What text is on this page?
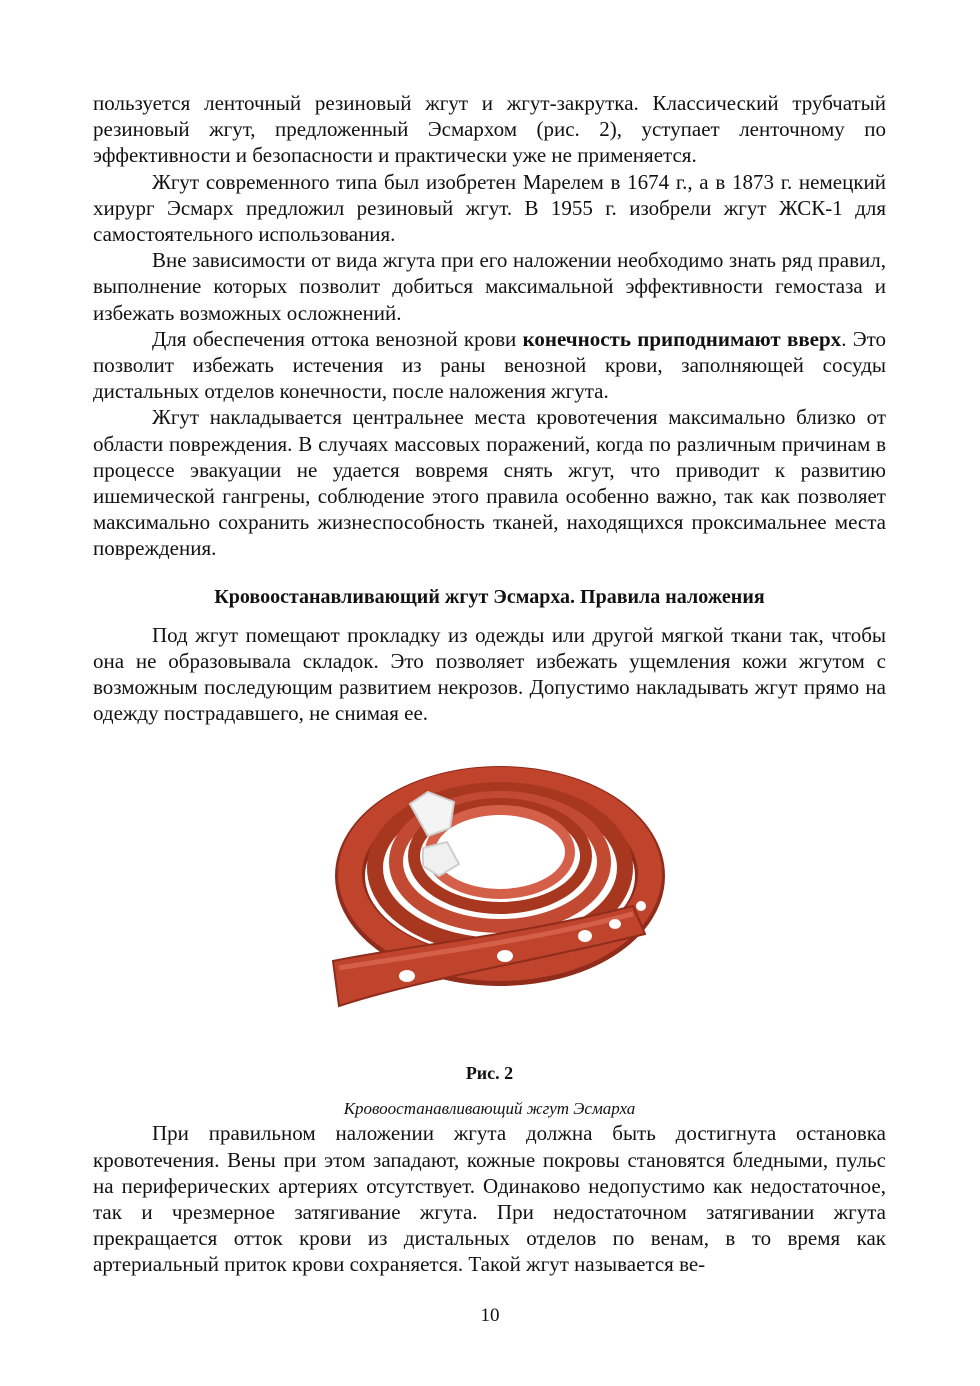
пользуется ленточный резиновый жгут и жгут-закрутка. Классический трубчатый резиновый жгут, предложенный Эсмархом (рис. 2), уступает ленточному по эффективности и безопасности и практически уже не применяется.

Жгут современного типа был изобретен Марелем в 1674 г., а в 1873 г. немецкий хирург Эсмарх предложил резиновый жгут. В 1955 г. изобрели жгут ЖСК-1 для самостоятельного использования.

Вне зависимости от вида жгута при его наложении необходимо знать ряд правил, выполнение которых позволит добиться максимальной эффективности гемостаза и избежать возможных осложнений.

Для обеспечения оттока венозной крови конечность приподнимают вверх. Это позволит избежать истечения из раны венозной крови, заполняющей сосуды дистальных отделов конечности, после наложения жгута.

Жгут накладывается центральнее места кровотечения максимально близко от области повреждения. В случаях массовых поражений, когда по различным причинам в процессе эвакуации не удается вовремя снять жгут, что приводит к развитию ишемической гангрены, соблюдение этого правила особенно важно, так как позволяет максимально сохранить жизнеспособность тканей, находящихся проксимальнее места повреждения.

Кровоостанавливающий жгут Эсмарха. Правила наложения

Под жгут помещают прокладку из одежды или другой мягкой ткани так, чтобы она не образовывала складок. Это позволяет избежать ущемления кожи жгутом с возможным последующим развитием некрозов. Допустимо накладывать жгут прямо на одежду пострадавшего, не снимая ее.

Рис. 2
Кровоостанавливающий жгут Эсмарха

При правильном наложении жгута должна быть достигнута остановка кровотечения. Вены при этом западают, кожные покровы становятся бледными, пульс на периферических артериях отсутствует. Одинаково недопустимо как недостаточное, так и чрезмерное затягивание жгута. При недостаточном затягивании жгута прекращается отток крови из дистальных отделов по венам, в то время как артериальный приток крови сохраняется. Такой жгут называется ве-

10
